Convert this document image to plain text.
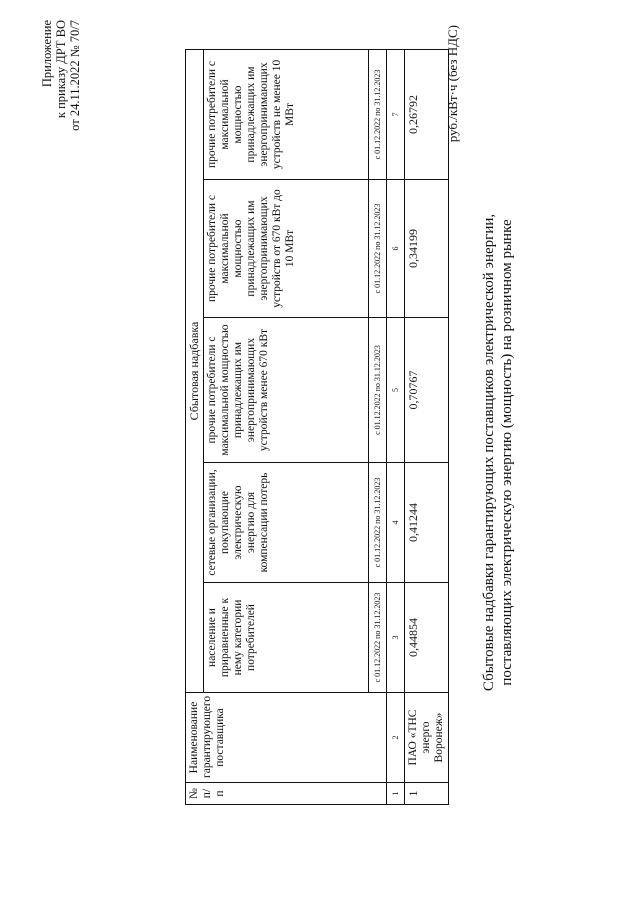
Приложение к приказу ДРТ ВО от 24.11.2022 № 70/7
Сбытовые надбавки гарантирующих поставщиков электрической энергии, поставляющих электрическую энергию (мощность) на розничном рынке
руб./кВт·ч (без НДС)
№ п/п	Наименование гарантирующего поставщика	Сбытовая надбавка				
		население и приравненные к нему категории потребителей	сетевые организации, покупающие электрическую энергию для компенсации потерь	прочие потребители с максимальной мощностью принадлежащих им энергопринимающих устройств менее 670 кВт	прочие потребители с максимальной мощностью принадлежащих им энергопринимающих устройств от 670 кВт до 10 МВт	прочие потребители с максимальной мощностью принадлежащих им энергопринимающих устройств не менее 10 МВт
		с 01.12.2022 по 31.12.2023	с 01.12.2022 по 31.12.2023	с 01.12.2022 по 31.12.2023	с 01.12.2022 по 31.12.2023	с 01.12.2022 по 31.12.2023
1	2	3	4	5	6	7
1	ПАО «ТНС энерго Воронеж»	0,44854	0,41244	0,70767	0,34199	0,26792
